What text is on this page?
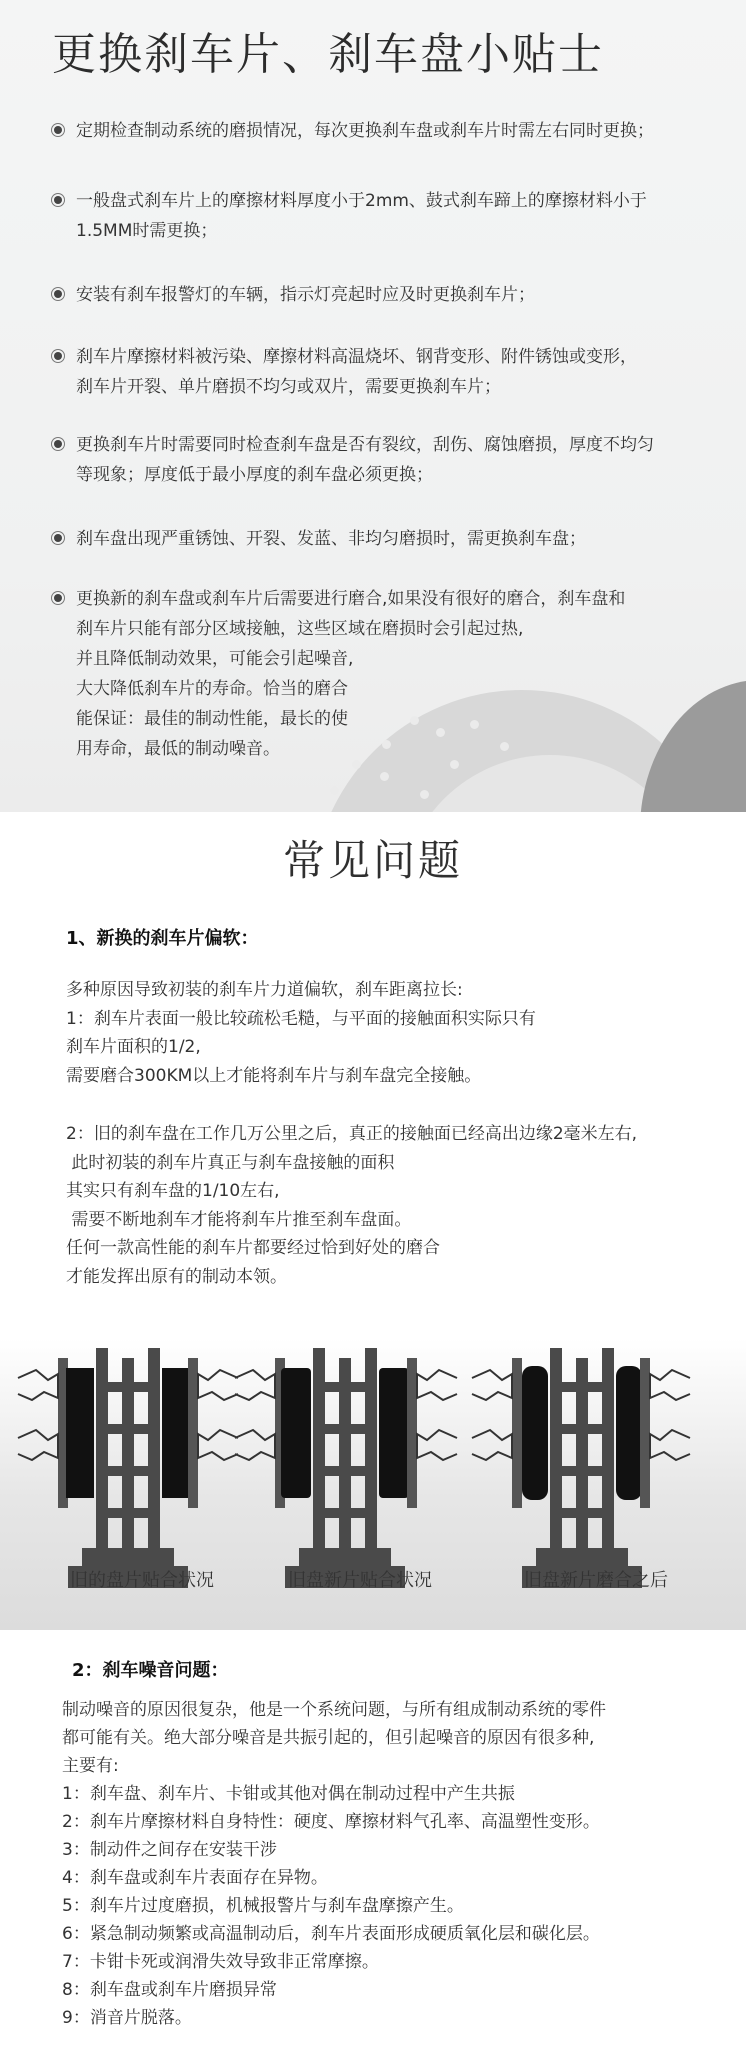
更换刹车片、刹车盘小贴士
定期检查制动系统的磨损情况，每次更换刹车盘或刹车片时需左右同时更换；
一般盘式刹车片上的摩擦材料厚度小于2mm、鼓式刹车蹄上的摩擦材料小于
1.5MM时需更换；
安装有刹车报警灯的车辆，指示灯亮起时应及时更换刹车片；
刹车片摩擦材料被污染、摩擦材料高温烧坏、钢背变形、附件锈蚀或变形，
刹车片开裂、单片磨损不均匀或双片，需要更换刹车片；
更换刹车片时需要同时检查刹车盘是否有裂纹，刮伤、腐蚀磨损，厚度不均匀
等现象；厚度低于最小厚度的刹车盘必须更换；
刹车盘出现严重锈蚀、开裂、发蓝、非均匀磨损时，需更换刹车盘；
更换新的刹车盘或刹车片后需要进行磨合,如果没有很好的磨合，刹车盘和
刹车片只能有部分区域接触，这些区域在磨损时会引起过热,
并且降低制动效果，可能会引起噪音,
大大降低刹车片的寿命。恰当的磨合
能保证：最佳的制动性能，最长的使
用寿命，最低的制动噪音。
常见问题
1、新换的刹车片偏软：
多种原因导致初装的刹车片力道偏软，刹车距离拉长:
1：刹车片表面一般比较疏松毛糙，与平面的接触面积实际只有
刹车片面积的1/2,
需要磨合300KM以上才能将刹车片与刹车盘完全接触。
2：旧的刹车盘在工作几万公里之后，真正的接触面已经高出边缘2毫米左右,
此时初装的刹车片真正与刹车盘接触的面积
其实只有刹车盘的1/10左右,
需要不断地刹车才能将刹车片推至刹车盘面。
任何一款高性能的刹车片都要经过恰到好处的磨合
才能发挥出原有的制动本领。
旧的盘片贴合状况	旧盘新片贴合状况	旧盘新片磨合之后
2：刹车噪音问题：
制动噪音的原因很复杂，他是一个系统问题，与所有组成制动系统的零件
都可能有关。绝大部分噪音是共振引起的，但引起噪音的原因有很多种,
主要有:
1：刹车盘、刹车片、卡钳或其他对偶在制动过程中产生共振
2：刹车片摩擦材料自身特性：硬度、摩擦材料气孔率、高温塑性变形。
3：制动件之间存在安装干涉
4：刹车盘或刹车片表面存在异物。
5：刹车片过度磨损，机械报警片与刹车盘摩擦产生。
6：紧急制动频繁或高温制动后，刹车片表面形成硬质氧化层和碳化层。
7：卡钳卡死或润滑失效导致非正常摩擦。
8：刹车盘或刹车片磨损异常
9：消音片脱落。
